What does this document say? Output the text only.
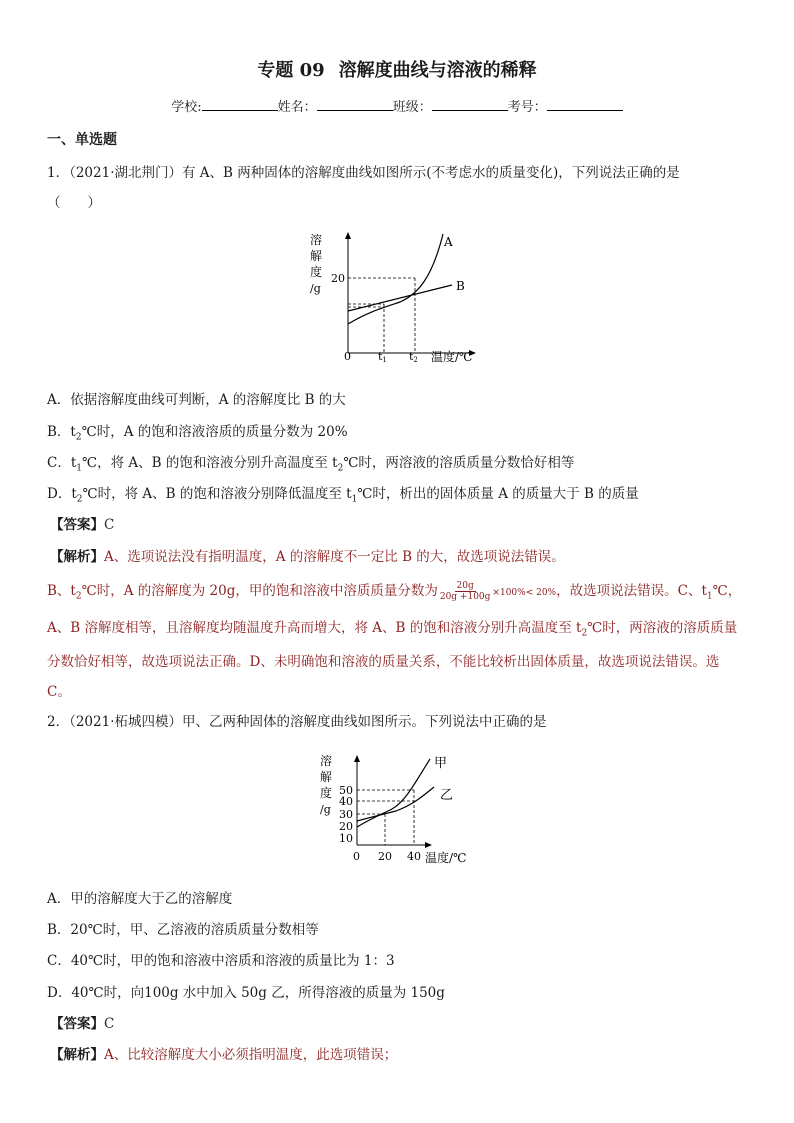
专题 09 溶解度曲线与溶液的稀释
学校:	姓名：	班级：	考号：
一、单选题
1．（2021·湖北荆门）有 A、B 两种固体的溶解度曲线如图所示(不考虑水的质量变化)，下列说法正确的是
（　　）
溶
解
度
/g
20
0 t1 t2 温度/℃
A
B
A．依据溶解度曲线可判断，A 的溶解度比 B 的大
B．$t_2℃$时，A 的饱和溶液溶质的质量分数为 20%
C．$t_1℃$，将 A、B 的饱和溶液分别升高温度至 $t_2℃$时，两溶液的溶质质量分数恰好相等
D．$t_2℃$时，将 A、B 的饱和溶液分别降低温度至 $t_1℃$时，析出的固体质量 A 的质量大于 B 的质量
【答案】C
【解析】A、选项说法没有指明温度，A 的溶解度不一定比 B 的大，故选项说法错误。
B、$t_2℃$时，A 的溶解度为 20g，甲的饱和溶液中溶质质量分数为 $\frac{20g}{20g +100g} \times 100\%< 20\%$，故选项说法错误。C、$t_1℃$，
A、B 溶解度相等，且溶解度均随温度升高而增大，将 A、B 的饱和溶液分别升高温度至 $t_2℃$时，两溶液的溶质质量
分数恰好相等，故选项说法正确。D、未明确饱和溶液的质量关系，不能比较析出固体质量，故选项说法错误。选
C。
2．（2021·柘城四模）甲、乙两种固体的溶解度曲线如图所示。下列说法中正确的是
溶
解
度
/g
50
40
30
20
10
0 20 40 温度/℃
甲
乙
A．甲的溶解度大于乙的溶解度
B．20℃时，甲、乙溶液的溶质质量分数相等
C．40℃时，甲的饱和溶液中溶质和溶液的质量比为 1：3
D．40℃时，向100g 水中加入 50g 乙，所得溶液的质量为 150g
【答案】C
【解析】A、比较溶解度大小必须指明温度，此选项错误；
